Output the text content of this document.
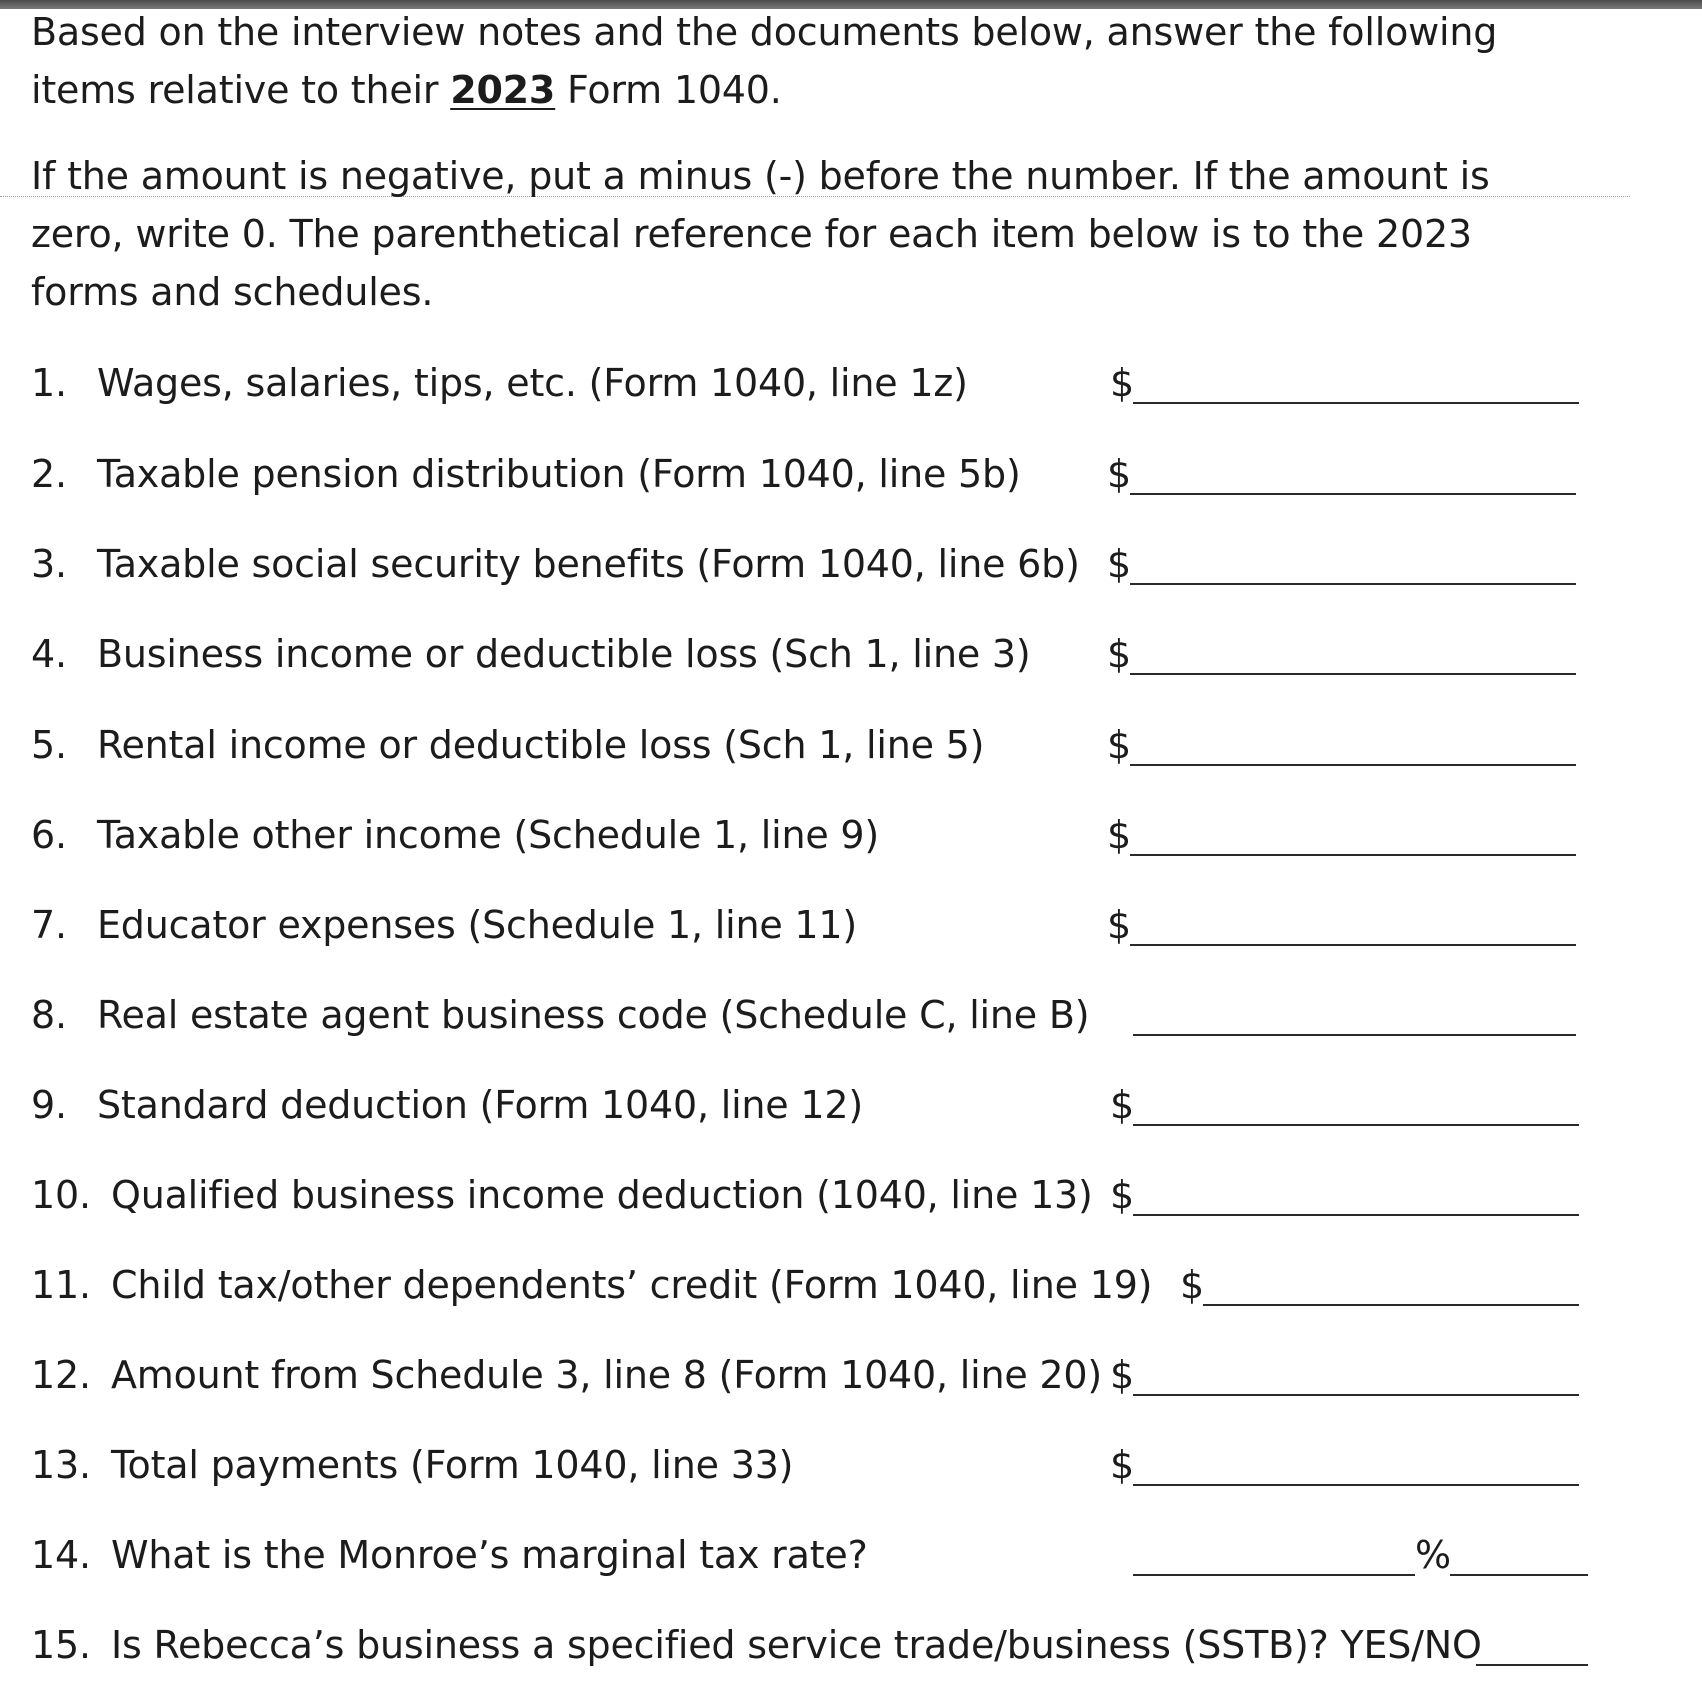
Based on the interview notes and the documents below, answer the following
items relative to their 2023 Form 1040.

If the amount is negative, put a minus (-) before the number. If the amount is
zero, write 0. The parenthetical reference for each item below is to the 2023
forms and schedules.

1. Wages, salaries, tips, etc. (Form 1040, line 1z)	$
2. Taxable pension distribution (Form 1040, line 5b) $
3. Taxable social security benefits (Form 1040, line 6b) $
4. Business income or deductible loss (Sch 1, line 3) $
5. Rental income or deductible loss (Sch 1, line 5)	$
6. Taxable other income (Schedule 1, line 9)	$
7. Educator expenses (Schedule 1, line 11)	$
8. Real estate agent business code (Schedule C, line B)
9. Standard deduction (Form 1040, line 12)	$
10. Qualified business income deduction (1040, line 13) $
11. Child tax/other dependents’ credit (Form 1040, line 19) $
12. Amount from Schedule 3, line 8 (Form 1040, line 20) $
13. Total payments (Form 1040, line 33)	$
14. What is the Monroe’s marginal tax rate?	%
15. Is Rebecca’s business a specified service trade/business (SSTB)? YES/NO
